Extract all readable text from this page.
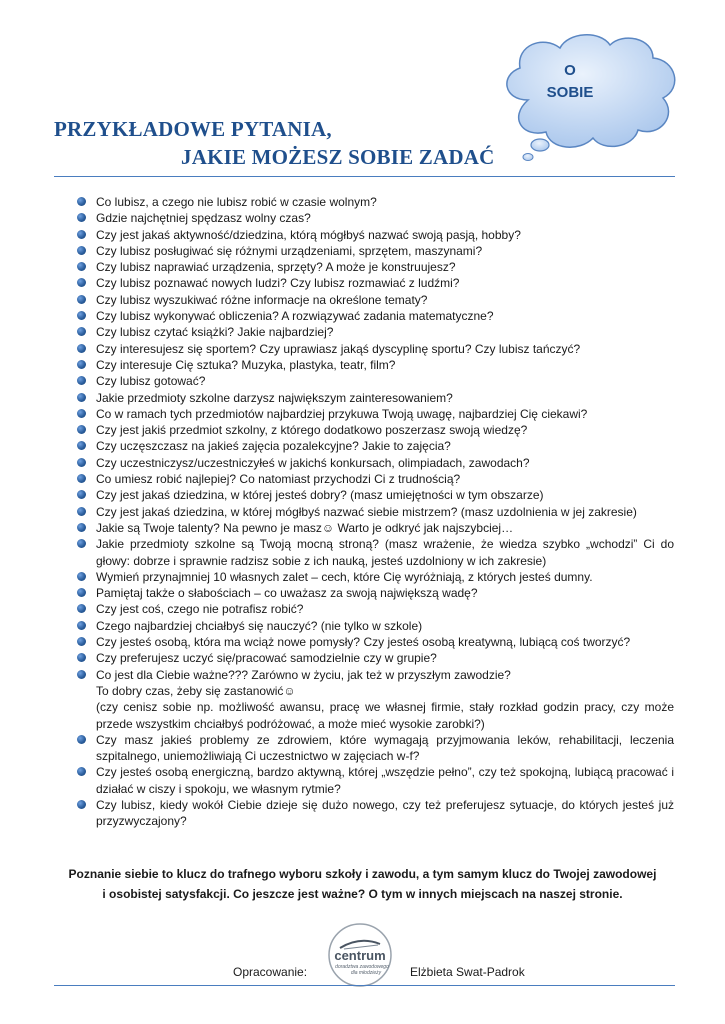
O
SOBIE
PRZYKŁADOWE PYTANIA,
JAKIE MOŻESZ SOBIE ZADAĆ
Co lubisz, a czego nie lubisz robić w czasie wolnym?
Gdzie najchętniej spędzasz wolny czas?
Czy jest jakaś aktywność/dziedzina, którą mógłbyś nazwać swoją pasją, hobby?
Czy lubisz posługiwać się różnymi urządzeniami, sprzętem, maszynami?
Czy lubisz naprawiać urządzenia, sprzęty? A może je konstruujesz?
Czy lubisz poznawać nowych ludzi? Czy lubisz rozmawiać z ludźmi?
Czy lubisz wyszukiwać różne informacje na określone tematy?
Czy lubisz wykonywać obliczenia? A rozwiązywać zadania matematyczne?
Czy lubisz czytać książki? Jakie najbardziej?
Czy interesujesz się sportem? Czy uprawiasz jakąś dyscyplinę sportu? Czy lubisz tańczyć?
Czy interesuje Cię sztuka? Muzyka, plastyka, teatr, film?
Czy lubisz gotować?
Jakie przedmioty szkolne darzysz największym zainteresowaniem?
Co w ramach tych przedmiotów najbardziej przykuwa Twoją uwagę, najbardziej Cię ciekawi?
Czy jest jakiś przedmiot szkolny, z którego dodatkowo poszerzasz swoją wiedzę?
Czy uczęszczasz na jakieś zajęcia pozalekcyjne? Jakie to zajęcia?
Czy uczestniczysz/uczestniczyłeś w jakichś konkursach, olimpiadach, zawodach?
Co umiesz robić najlepiej? Co natomiast przychodzi Ci z trudnością?
Czy jest jakaś dziedzina, w której jesteś dobry? (masz umiejętności w tym obszarze)
Czy jest jakaś dziedzina, w której mógłbyś nazwać siebie mistrzem? (masz uzdolnienia w jej zakresie)
Jakie są Twoje talenty? Na pewno je masz☺ Warto je odkryć jak najszybciej…
Jakie przedmioty szkolne są Twoją mocną stroną? (masz wrażenie, że wiedza szybko „wchodzi” Ci do głowy: dobrze i sprawnie radzisz sobie z ich nauką, jesteś uzdolniony w ich zakresie)
Wymień przynajmniej 10 własnych zalet – cech, które Cię wyróżniają, z których jesteś dumny.
Pamiętaj także o słabościach – co uważasz za swoją największą wadę?
Czy jest coś, czego nie potrafisz robić?
Czego najbardziej chciałbyś się nauczyć? (nie tylko w szkole)
Czy jesteś osobą, która ma wciąż nowe pomysły? Czy jesteś osobą kreatywną, lubiącą coś tworzyć?
Czy preferujesz uczyć się/pracować samodzielnie czy w grupie?
Co jest dla Ciebie ważne??? Zarówno w życiu, jak też w przyszłym zawodzie?
To dobry czas, żeby się zastanowić☺
(czy cenisz sobie np. możliwość awansu, pracę we własnej firmie, stały rozkład godzin pracy, czy może przede wszystkim chciałbyś podróżować, a może mieć wysokie zarobki?)
Czy masz jakieś problemy ze zdrowiem, które wymagają przyjmowania leków, rehabilitacji, leczenia szpitalnego, uniemożliwiają Ci uczestnictwo w zajęciach w-f?
Czy jesteś osobą energiczną, bardzo aktywną, której „wszędzie pełno”, czy też spokojną, lubiącą pracować i działać w ciszy i spokoju, we własnym rytmie?
Czy lubisz, kiedy wokół Ciebie dzieje się dużo nowego, czy też preferujesz sytuacje, do których jesteś już przyzwyczajony?
Poznanie siebie to klucz do trafnego wyboru szkoły i zawodu, a tym samym klucz do Twojej zawodowej
i osobistej satysfakcji. Co jeszcze jest ważne? O tym w innych miejscach na naszej stronie.
Opracowanie:
centrum
doradztwa zawodowego
dla młodzieży Elżbieta Swat-Padrok
